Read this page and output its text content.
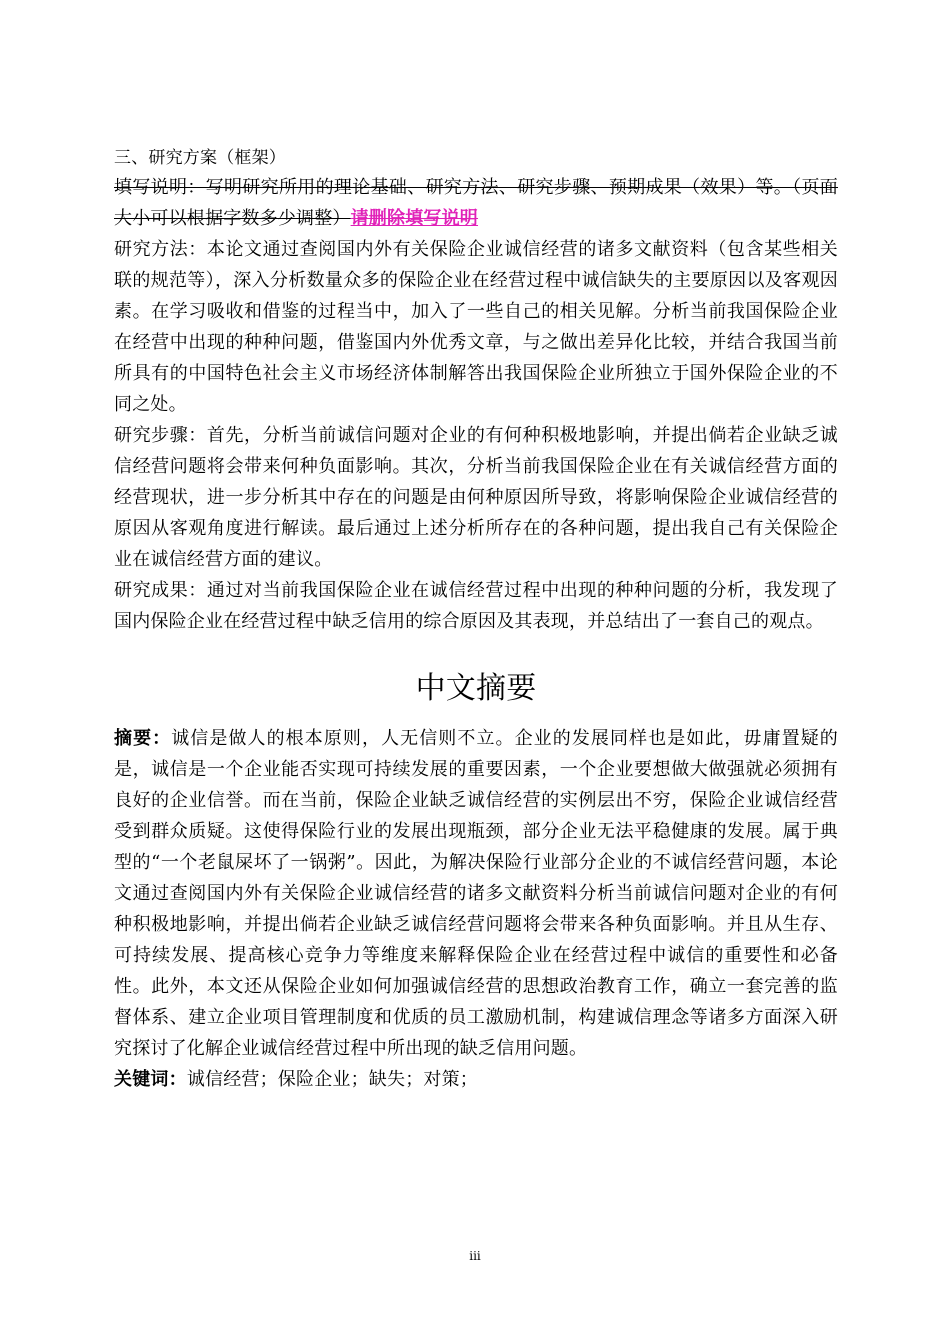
三、研究方案（框架）

填写说明：写明研究所用的理论基础、研究方法、研究步骤、预期成果（效果）等。（页面大小可以根据字数多少调整）请删除填写说明

研究方法：本论文通过查阅国内外有关保险企业诚信经营的诸多文献资料（包含某些相关联的规范等），深入分析数量众多的保险企业在经营过程中诚信缺失的主要原因以及客观因素。在学习吸收和借鉴的过程当中，加入了一些自己的相关见解。分析当前我国保险企业在经营中出现的种种问题，借鉴国内外优秀文章，与之做出差异化比较，并结合我国当前所具有的中国特色社会主义市场经济体制解答出我国保险企业所独立于国外保险企业的不同之处。

研究步骤：首先，分析当前诚信问题对企业的有何种积极地影响，并提出倘若企业缺乏诚信经营问题将会带来何种负面影响。其次，分析当前我国保险企业在有关诚信经营方面的经营现状，进一步分析其中存在的问题是由何种原因所导致，将影响保险企业诚信经营的原因从客观角度进行解读。最后通过上述分析所存在的各种问题，提出我自己有关保险企业在诚信经营方面的建议。

研究成果：通过对当前我国保险企业在诚信经营过程中出现的种种问题的分析，我发现了国内保险企业在经营过程中缺乏信用的综合原因及其表现，并总结出了一套自己的观点。

中文摘要

摘要：诚信是做人的根本原则，人无信则不立。企业的发展同样也是如此，毋庸置疑的是，诚信是一个企业能否实现可持续发展的重要因素，一个企业要想做大做强就必须拥有良好的企业信誉。而在当前，保险企业缺乏诚信经营的实例层出不穷，保险企业诚信经营受到群众质疑。这使得保险行业的发展出现瓶颈，部分企业无法平稳健康的发展。属于典型的“一个老鼠屎坏了一锅粥”。因此，为解决保险行业部分企业的不诚信经营问题，本论文通过查阅国内外有关保险企业诚信经营的诸多文献资料分析当前诚信问题对企业的有何种积极地影响，并提出倘若企业缺乏诚信经营问题将会带来各种负面影响。并且从生存、可持续发展、提高核心竞争力等维度来解释保险企业在经营过程中诚信的重要性和必备性。此外，本文还从保险企业如何加强诚信经营的思想政治教育工作，确立一套完善的监督体系、建立企业项目管理制度和优质的员工激励机制，构建诚信理念等诸多方面深入研究探讨了化解企业诚信经营过程中所出现的缺乏信用问题。

关键词：诚信经营；保险企业；缺失；对策；

iii
